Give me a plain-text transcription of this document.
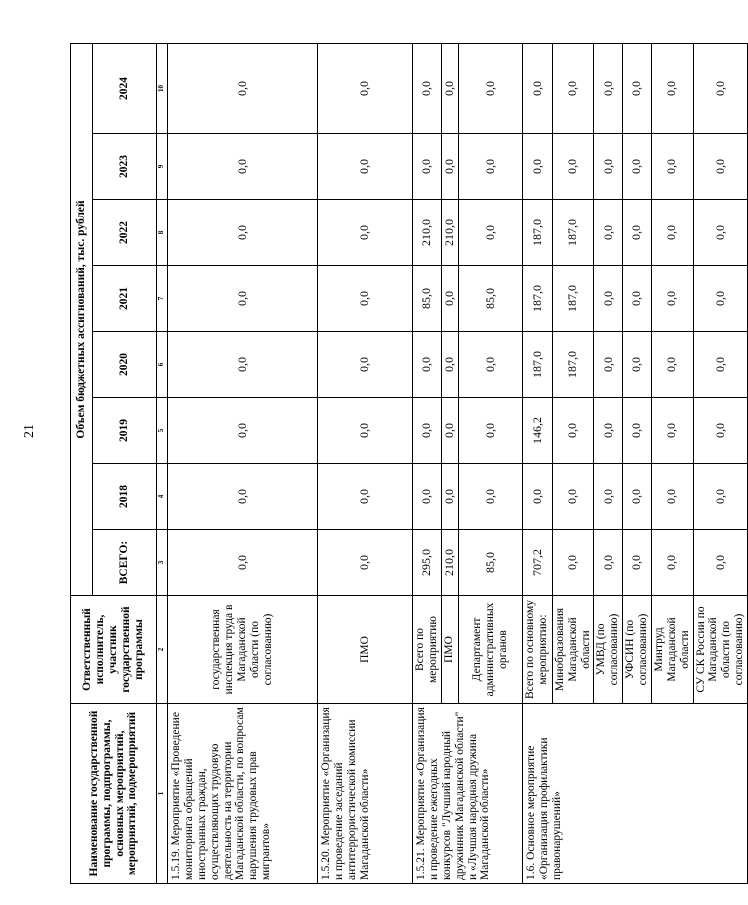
21
Наименование государственной программы, подпрограммы, основных мероприятий, мероприятий, подмероприятий	Ответственный исполнитель, участник государственной программы	Объем бюджетных ассигнований, тыс. рублей							
		ВСЕГО:	2018	2019	2020	2021	2022	2023	2024
1	2	3	4	5	6	7	8	9	10
1.5.19. Мероприятие «Проведение мониторинга обращений иностранных граждан, осуществляющих трудовую деятельность на территории Магаданской области, по вопросам нарушения трудовых прав мигрантов»	государственная инспекция труда в Магаданской области (по согласованию)	0,0	0,0	0,0	0,0	0,0	0,0	0,0	0,0
1.5.20. Мероприятие «Организация и проведение заседаний антитеррористической комиссии Магаданской области»	ПМО	0,0	0,0	0,0	0,0	0,0	0,0	0,0	0,0
1.5.21. Мероприятие «Организация и проведение ежегодных конкурсов "Лучший народный дружинник Магаданской области" и «Лучшая народная дружина Магаданской области»	Всего по мероприятию	295,0	0,0	0,0	0,0	85,0	210,0	0,0	0,0
	ПМО	210,0	0,0	0,0	0,0	0,0	210,0	0,0	0,0
	Департамент административных органов	85,0	0,0	0,0	0,0	85,0	0,0	0,0	0,0
1.6. Основное мероприятие «Организация профилактики правонарушений»	Всего по основному мероприятию:	707,2	0,0	146,2	187,0	187,0	187,0	0,0	0,0
	Минобразования Магаданской области	0,0	0,0	0,0	187,0	187,0	187,0	0,0	0,0
	УМВД (по согласованию)	0,0	0,0	0,0	0,0	0,0	0,0	0,0	0,0
	УФСИН (по согласованию)	0,0	0,0	0,0	0,0	0,0	0,0	0,0	0,0
	Минтруд Магаданской области	0,0	0,0	0,0	0,0	0,0	0,0	0,0	0,0
	СУ СК России по Магаданской области (по согласованию)	0,0	0,0	0,0	0,0	0,0	0,0	0,0	0,0
